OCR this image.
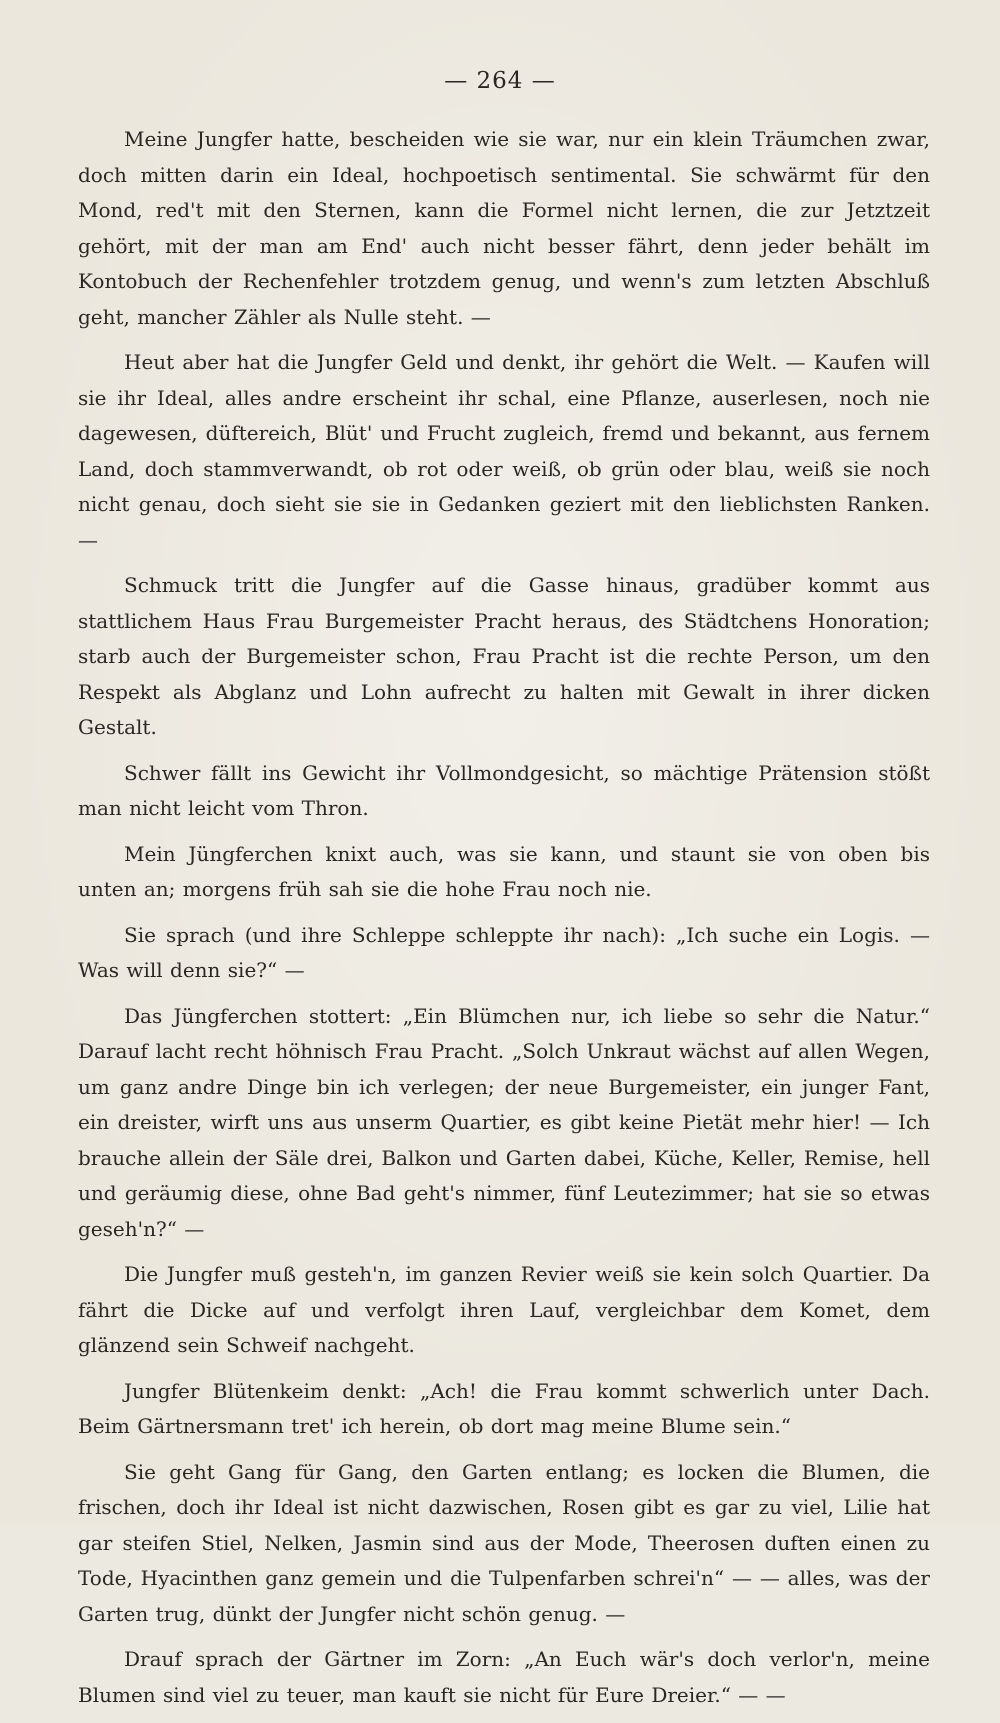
— 264 —

Meine Jungfer hatte, bescheiden wie sie war, nur ein klein Träumchen zwar, doch mitten darin ein Ideal, hochpoetisch sentimental. Sie schwärmt für den Mond, red't mit den Sternen, kann die Formel nicht lernen, die zur Jetztzeit gehört, mit der man am End' auch nicht besser fährt, denn jeder behält im Kontobuch der Rechenfehler trotzdem genug, und wenn's zum letzten Abschluß geht, mancher Zähler als Nulle steht. —

Heut aber hat die Jungfer Geld und denkt, ihr gehört die Welt. — Kaufen will sie ihr Ideal, alles andre erscheint ihr schal, eine Pflanze, auserlesen, noch nie dagewesen, düftereich, Blüt' und Frucht zugleich, fremd und bekannt, aus fernem Land, doch stammverwandt, ob rot oder weiß, ob grün oder blau, weiß sie noch nicht genau, doch sieht sie sie in Gedanken geziert mit den lieblichsten Ranken. —

Schmuck tritt die Jungfer auf die Gasse hinaus, gradüber kommt aus stattlichem Haus Frau Burgemeister Pracht heraus, des Städtchens Honoration; starb auch der Burgemeister schon, Frau Pracht ist die rechte Person, um den Respekt als Abglanz und Lohn aufrecht zu halten mit Gewalt in ihrer dicken Gestalt.

Schwer fällt ins Gewicht ihr Vollmondgesicht, so mächtige Prätension stößt man nicht leicht vom Thron.

Mein Jüngferchen knixt auch, was sie kann, und staunt sie von oben bis unten an; morgens früh sah sie die hohe Frau noch nie.

Sie sprach (und ihre Schleppe schleppte ihr nach): „Ich suche ein Logis. — Was will denn sie?“ —

Das Jüngferchen stottert: „Ein Blümchen nur, ich liebe so sehr die Natur.“ Darauf lacht recht höhnisch Frau Pracht. „Solch Unkraut wächst auf allen Wegen, um ganz andre Dinge bin ich verlegen; der neue Burgemeister, ein junger Fant, ein dreister, wirft uns aus unserm Quartier, es gibt keine Pietät mehr hier! — Ich brauche allein der Säle drei, Balkon und Garten dabei, Küche, Keller, Remise, hell und geräumig diese, ohne Bad geht's nimmer, fünf Leutezimmer; hat sie so etwas geseh'n?“ —

Die Jungfer muß gesteh'n, im ganzen Revier weiß sie kein solch Quartier. Da fährt die Dicke auf und verfolgt ihren Lauf, vergleichbar dem Komet, dem glänzend sein Schweif nachgeht.

Jungfer Blütenkeim denkt: „Ach! die Frau kommt schwerlich unter Dach. Beim Gärtnersmann tret' ich herein, ob dort mag meine Blume sein.“

Sie geht Gang für Gang, den Garten entlang; es locken die Blumen, die frischen, doch ihr Ideal ist nicht dazwischen, Rosen gibt es gar zu viel, Lilie hat gar steifen Stiel, Nelken, Jasmin sind aus der Mode, Theerosen duften einen zu Tode, Hyacinthen ganz gemein und die Tulpenfarben schrei'n“ — — alles, was der Garten trug, dünkt der Jungfer nicht schön genug. —

Drauf sprach der Gärtner im Zorn: „An Euch wär's doch verlor'n, meine Blumen sind viel zu teuer, man kauft sie nicht für Eure Dreier.“ — —
